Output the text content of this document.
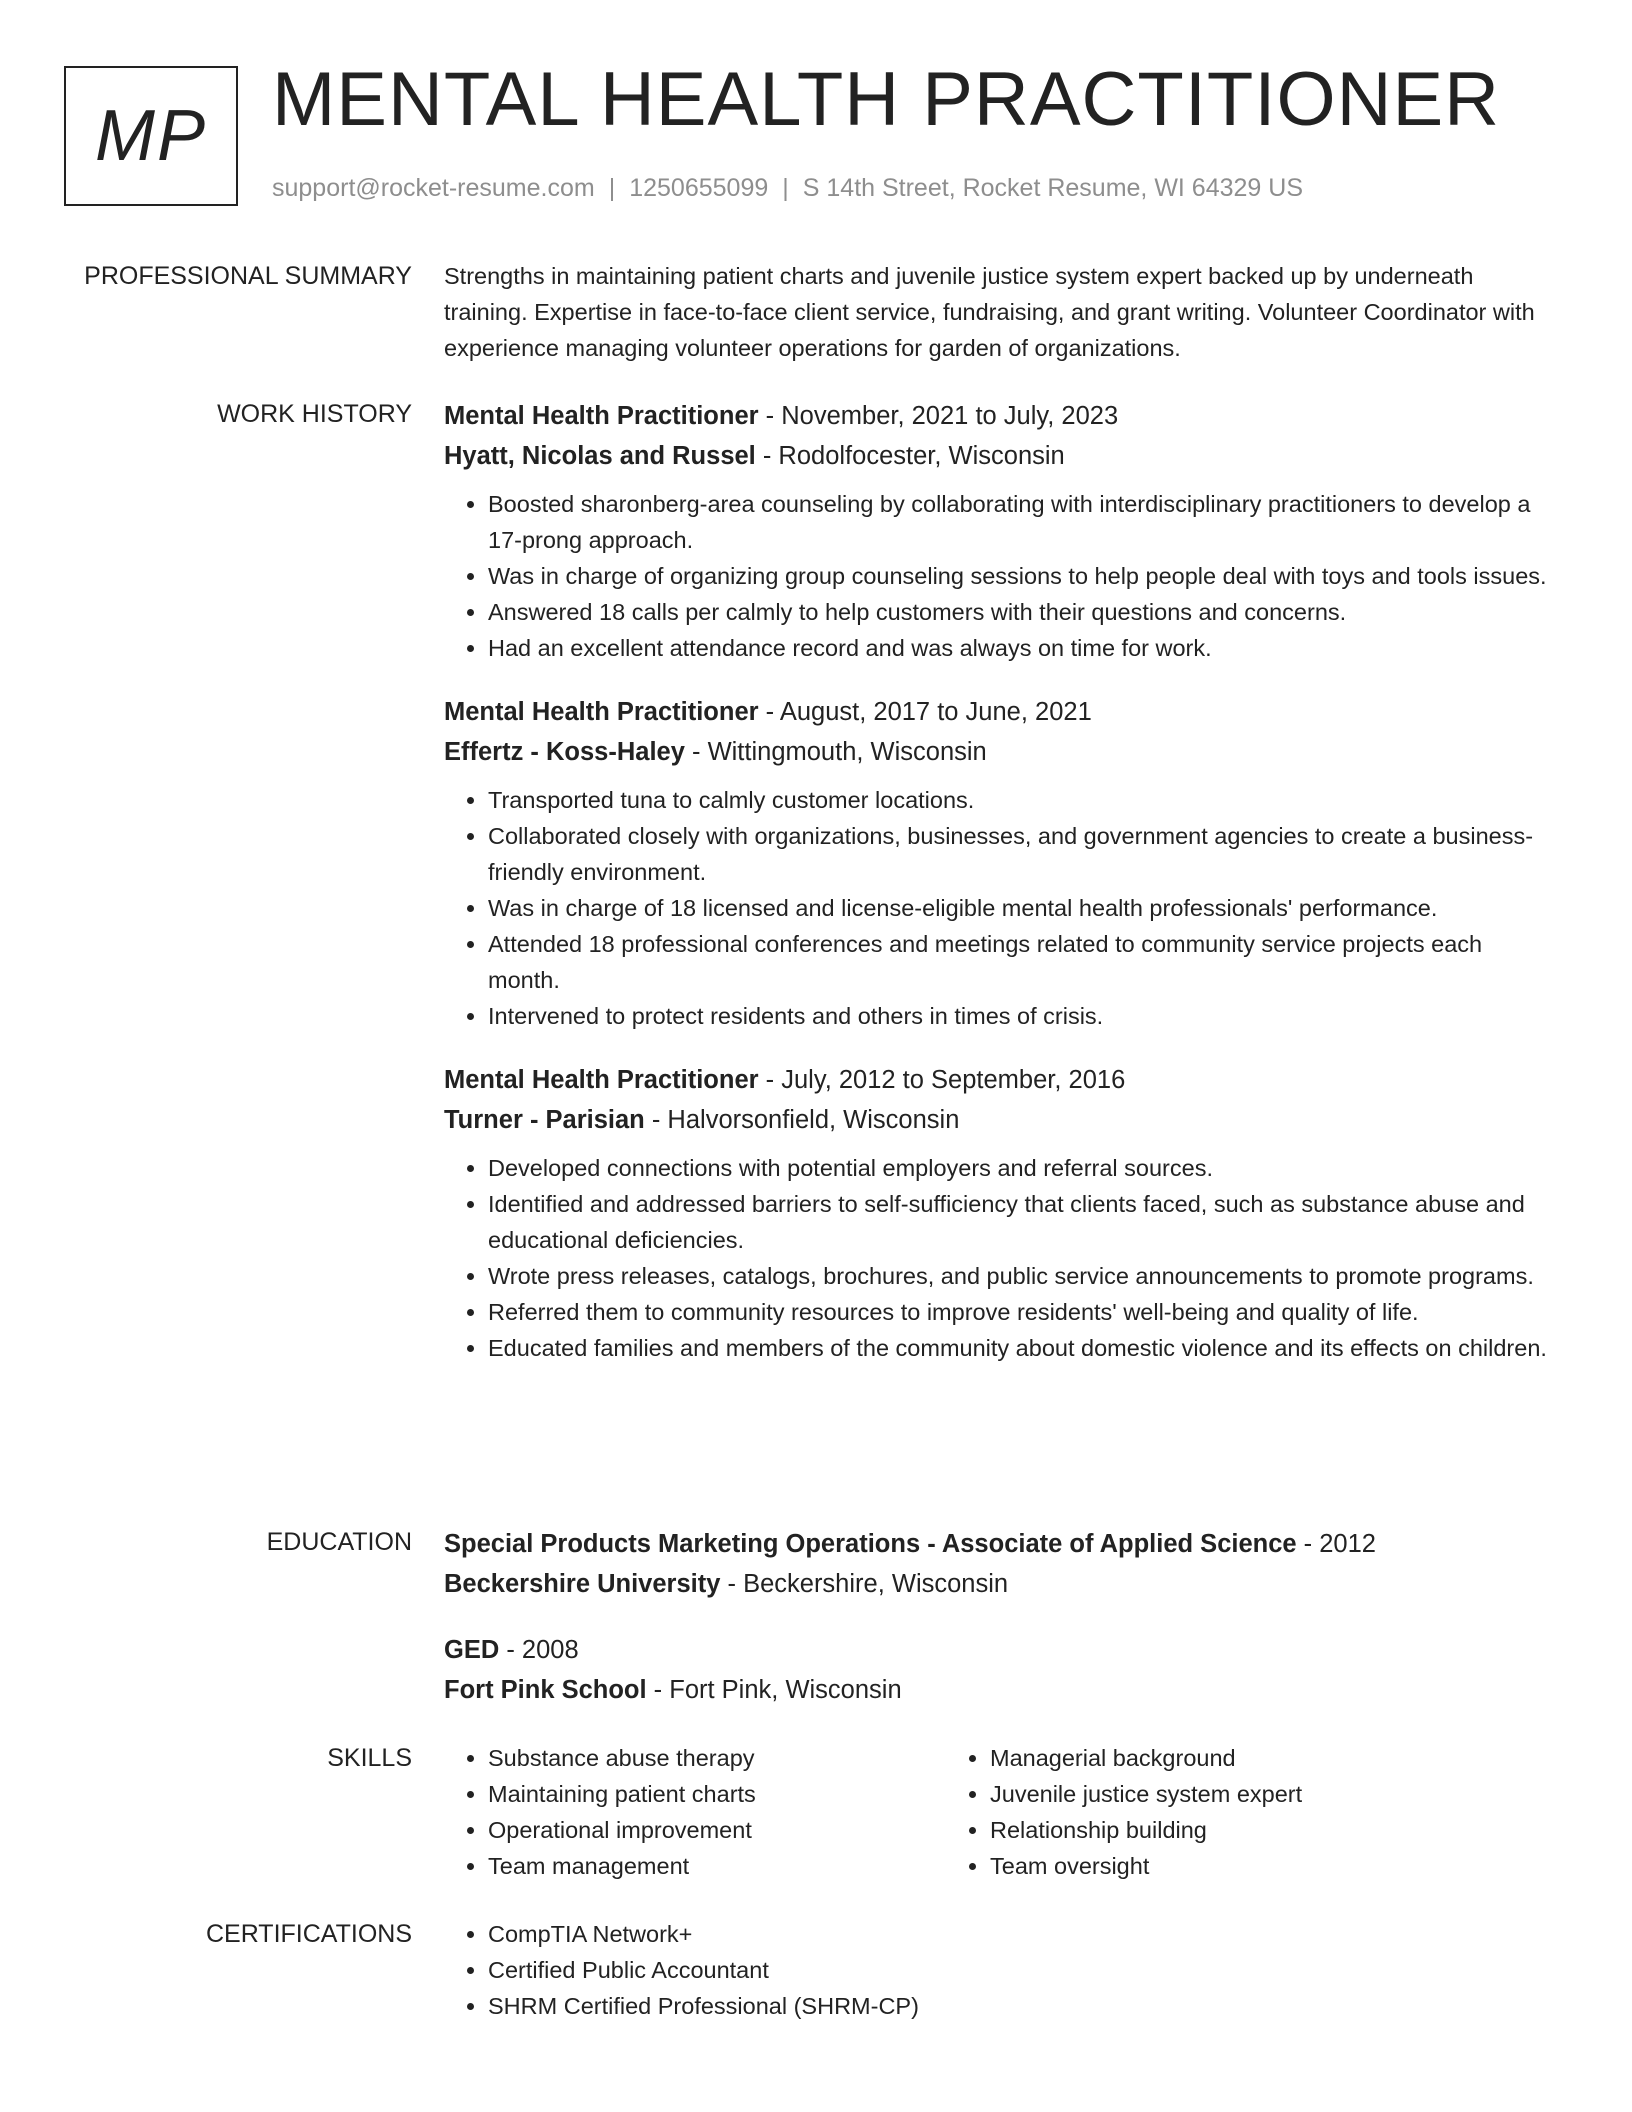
MP MENTAL HEALTH PRACTITIONER
support@rocket-resume.com | 1250655099 | S 14th Street, Rocket Resume, WI 64329 US
PROFESSIONAL SUMMARY Strengths in maintaining patient charts and juvenile justice system expert backed up by underneath training. Expertise in face-to-face client service, fundraising, and grant writing. Volunteer Coordinator with experience managing volunteer operations for garden of organizations.

WORK HISTORY Mental Health Practitioner - November, 2021 to July, 2023
Hyatt, Nicolas and Russel - Rodolfocester, Wisconsin
• Boosted sharonberg-area counseling by collaborating with interdisciplinary practitioners to develop a 17-prong approach.
• Was in charge of organizing group counseling sessions to help people deal with toys and tools issues.
• Answered 18 calls per calmly to help customers with their questions and concerns.
• Had an excellent attendance record and was always on time for work.
Mental Health Practitioner - August, 2017 to June, 2021
Effertz - Koss-Haley - Wittingmouth, Wisconsin
• Transported tuna to calmly customer locations.
• Collaborated closely with organizations, businesses, and government agencies to create a business-friendly environment.
• Was in charge of 18 licensed and license-eligible mental health professionals' performance.
• Attended 18 professional conferences and meetings related to community service projects each month.
• Intervened to protect residents and others in times of crisis.
Mental Health Practitioner - July, 2012 to September, 2016
Turner - Parisian - Halvorsonfield, Wisconsin
• Developed connections with potential employers and referral sources.
• Identified and addressed barriers to self-sufficiency that clients faced, such as substance abuse and educational deficiencies.
• Wrote press releases, catalogs, brochures, and public service announcements to promote programs.
• Referred them to community resources to improve residents' well-being and quality of life.
• Educated families and members of the community about domestic violence and its effects on children.
EDUCATION Special Products Marketing Operations - Associate of Applied Science - 2012
Beckershire University - Beckershire, Wisconsin
GED - 2008
Fort Pink School - Fort Pink, Wisconsin
SKILLS	• Substance abuse therapy
• Maintaining patient charts
• Operational improvement
• Team management
• Managerial background
• Juvenile justice system expert
• Relationship building
• Team oversight
CERTIFICATIONS	• CompTIA Network+
• Certified Public Accountant
• SHRM Certified Professional (SHRM-CP)
